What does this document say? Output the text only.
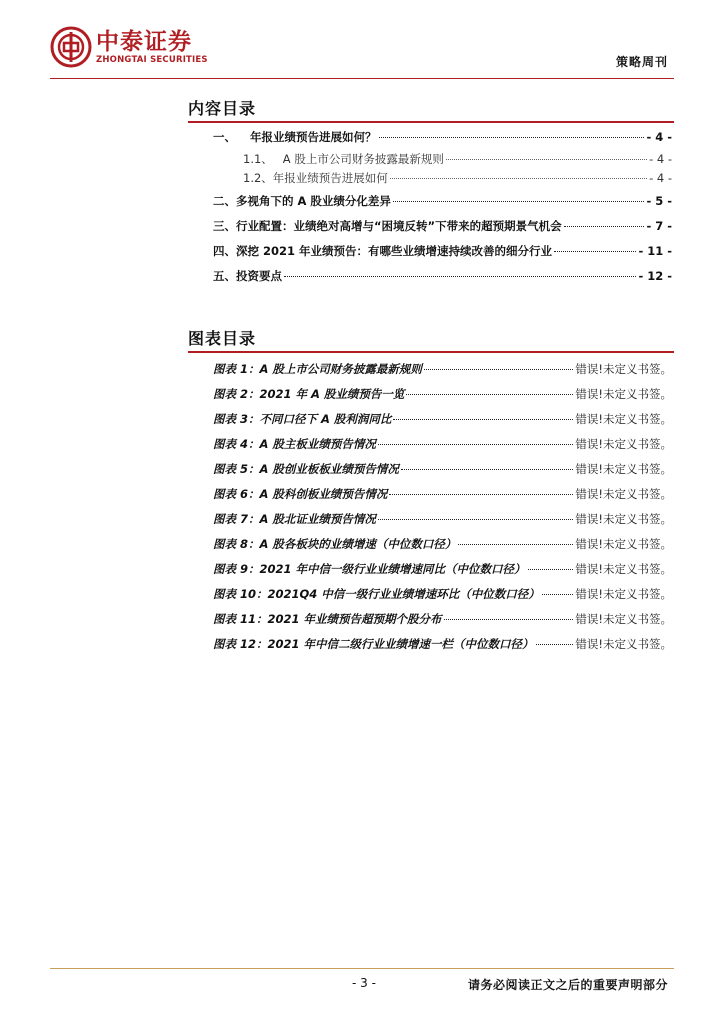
中泰证券
ZHONGTAI SECURITIES	策略周刊
内容目录
一、 年报业绩预告进展如何？	- 4 -
1.1、 A 股上市公司财务披露最新规则	- 4 -
1.2、 年报业绩预告进展如何	- 4 -
二、 多视角下的 A 股业绩分化差异	- 5 -
三、 行业配置：业绩绝对高增与“困境反转”下带来的超预期景气机会	- 7 -
四、 深挖 2021 年业绩预告：有哪些业绩增速持续改善的细分行业	- 11 -
五、 投资要点	- 12 -
图表目录
图表 1：A 股上市公司财务披露最新规则	错误!未定义书签。
图表 2：2021 年 A 股业绩预告一览	错误!未定义书签。
图表 3：不同口径下 A 股利润同比	错误!未定义书签。
图表 4：A 股主板业绩预告情况	错误!未定义书签。
图表 5：A 股创业板板业绩预告情况	错误!未定义书签。
图表 6：A 股科创板业绩预告情况	错误!未定义书签。
图表 7：A 股北证业绩预告情况	错误!未定义书签。
图表 8：A 股各板块的业绩增速（中位数口径）	错误!未定义书签。
图表 9：2021 年中信一级行业业绩增速同比（中位数口径）	错误!未定义书签。
图表 10：2021Q4 中信一级行业业绩增速环比（中位数口径）	错误!未定义书签。
图表 11：2021 年业绩预告超预期个股分布	错误!未定义书签。
图表 12：2021 年中信二级行业业绩增速一栏（中位数口径）	错误!未定义书签。
- 3 -	请务必阅读正文之后的重要声明部分
